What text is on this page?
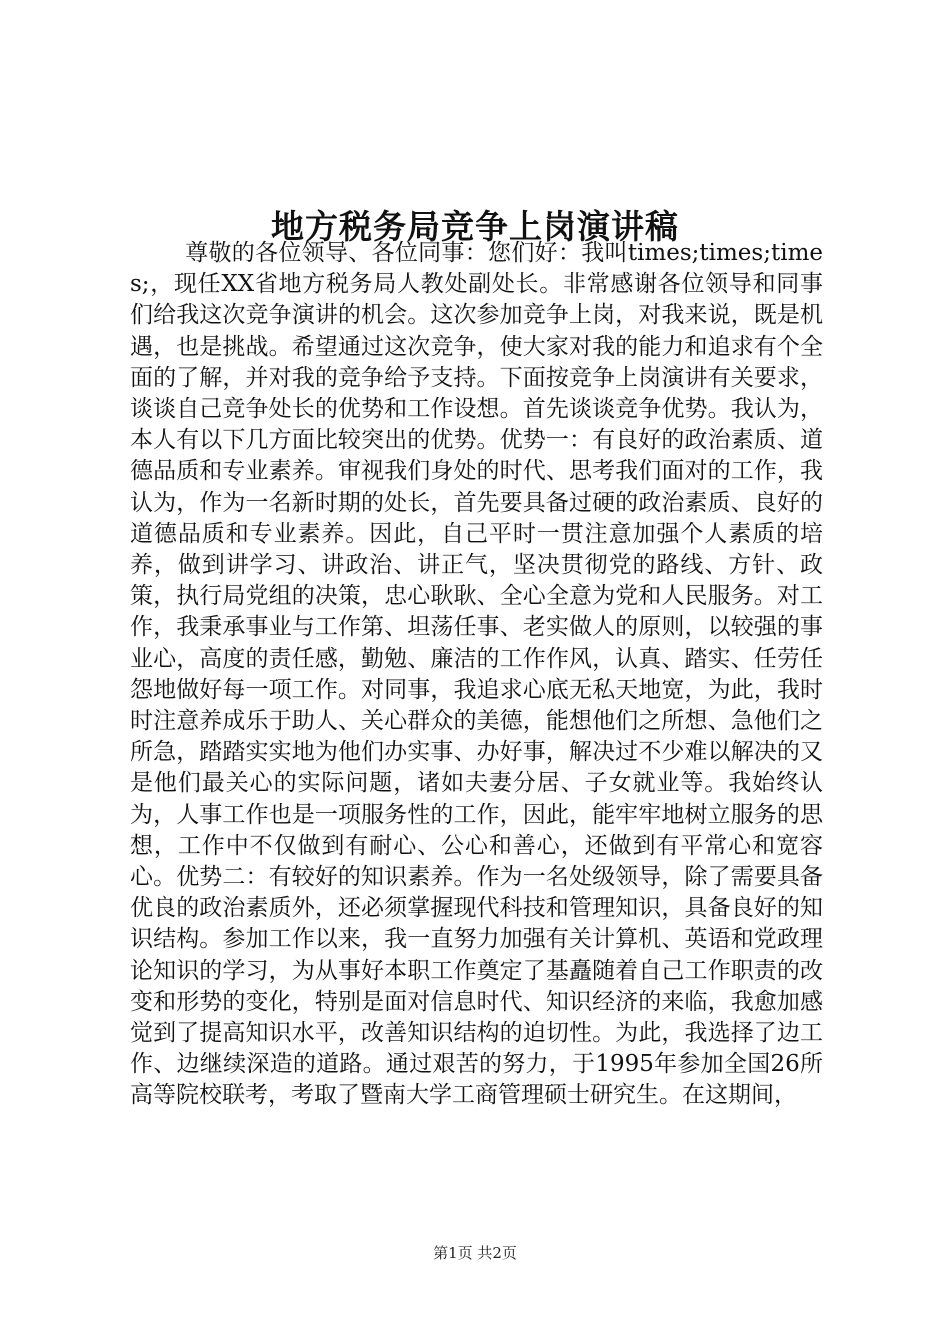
地方税务局竞争上岗演讲稿

尊敬的各位领导、各位同事：您们好：我叫times;times;times;，现任XX省地方税务局人教处副处长。非常感谢各位领导和同事们给我这次竞争演讲的机会。这次参加竞争上岗，对我来说，既是机遇，也是挑战。希望通过这次竞争，使大家对我的能力和追求有个全面的了解，并对我的竞争给予支持。下面按竞争上岗演讲有关要求，谈谈自己竞争处长的优势和工作设想。首先谈谈竞争优势。我认为，本人有以下几方面比较突出的优势。优势一：有良好的政治素质、道德品质和专业素养。审视我们身处的时代、思考我们面对的工作，我认为，作为一名新时期的处长，首先要具备过硬的政治素质、良好的道德品质和专业素养。因此，自己平时一贯注意加强个人素质的培养，做到讲学习、讲政治、讲正气，坚决贯彻党的路线、方针、政策，执行局党组的决策，忠心耿耿、全心全意为党和人民服务。对工作，我秉承事业与工作第、坦荡任事、老实做人的原则，以较强的事业心，高度的责任感，勤勉、廉洁的工作作风，认真、踏实、任劳任怨地做好每一项工作。对同事，我追求心底无私天地宽，为此，我时时注意养成乐于助人、关心群众的美德，能想他们之所想、急他们之所急，踏踏实实地为他们办实事、办好事，解决过不少难以解决的又是他们最关心的实际问题，诸如夫妻分居、子女就业等。我始终认为，人事工作也是一项服务性的工作，因此，能牢牢地树立服务的思想，工作中不仅做到有耐心、公心和善心，还做到有平常心和宽容心。优势二：有较好的知识素养。作为一名处级领导，除了需要具备优良的政治素质外，还必须掌握现代科技和管理知识，具备良好的知识结构。参加工作以来，我一直努力加强有关计算机、英语和党政理论知识的学习，为从事好本职工作奠定了基矗随着自己工作职责的改变和形势的变化，特别是面对信息时代、知识经济的来临，我愈加感觉到了提高知识水平，改善知识结构的迫切性。为此，我选择了边工作、边继续深造的道路。通过艰苦的努力，于1995年参加全国26所高等院校联考，考取了暨南大学工商管理硕士研究生。在这期间，

第1页 共2页
